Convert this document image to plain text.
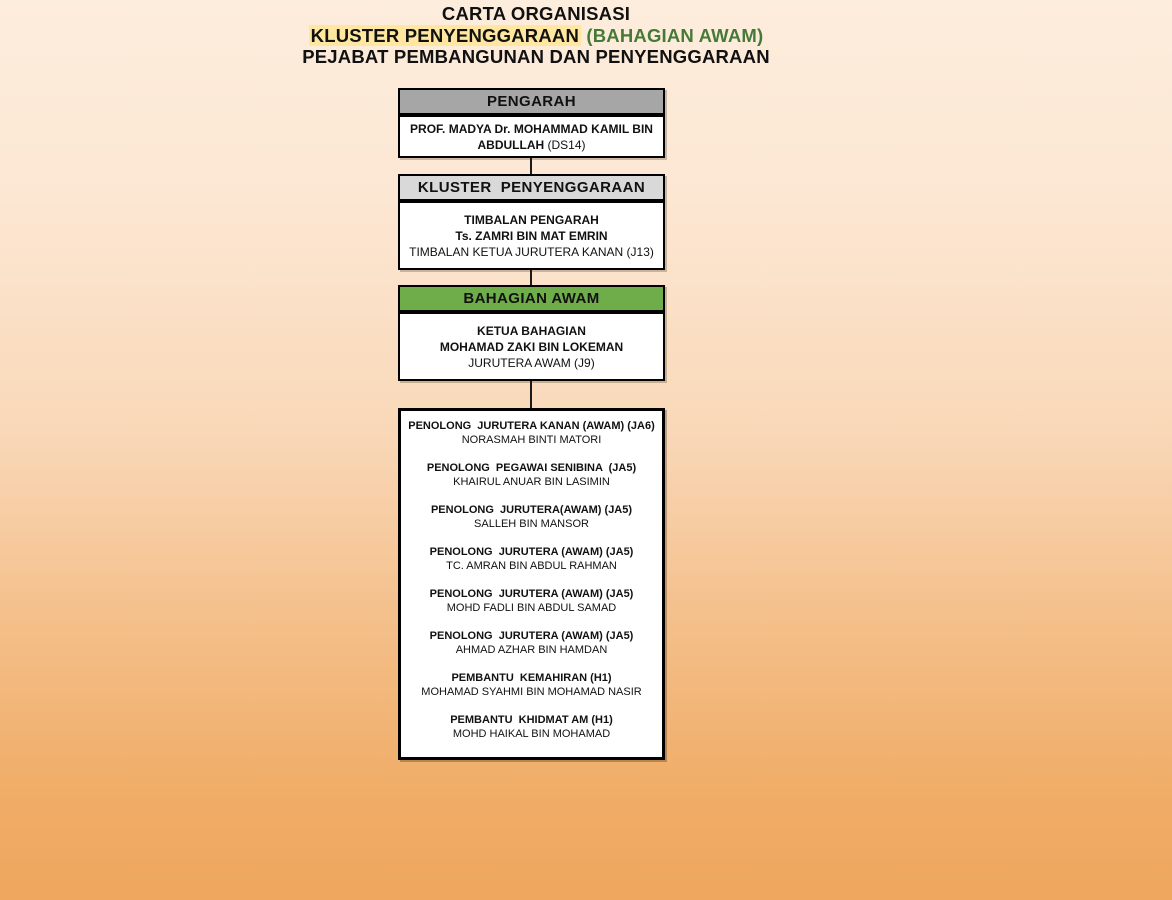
CARTA ORGANISASI
KLUSTER PENYENGGARAAN (BAHAGIAN AWAM)
PEJABAT PEMBANGUNAN DAN PENYENGGARAAN
PENGARAH
PROF. MADYA Dr. MOHAMMAD KAMIL BIN ABDULLAH (DS14)
KLUSTER  PENYENGGARAAN
TIMBALAN PENGARAH
Ts. ZAMRI BIN MAT EMRIN
TIMBALAN KETUA JURUTERA KANAN (J13)
BAHAGIAN AWAM
KETUA BAHAGIAN
MOHAMAD ZAKI BIN LOKEMAN
JURUTERA AWAM (J9)
PENOLONG  JURUTERA KANAN (AWAM) (JA6)
NORASMAH BINTI MATORI
PENOLONG  PEGAWAI SENIBINA  (JA5)
KHAIRUL ANUAR BIN LASIMIN
PENOLONG  JURUTERA(AWAM) (JA5)
SALLEH BIN MANSOR
PENOLONG  JURUTERA (AWAM) (JA5)
TC. AMRAN BIN ABDUL RAHMAN
PENOLONG  JURUTERA (AWAM) (JA5)
MOHD FADLI BIN ABDUL SAMAD
PENOLONG  JURUTERA (AWAM) (JA5)
AHMAD AZHAR BIN HAMDAN
PEMBANTU  KEMAHIRAN (H1)
MOHAMAD SYAHMI BIN MOHAMAD NASIR
PEMBANTU  KHIDMAT AM (H1)
MOHD HAIKAL BIN MOHAMAD
